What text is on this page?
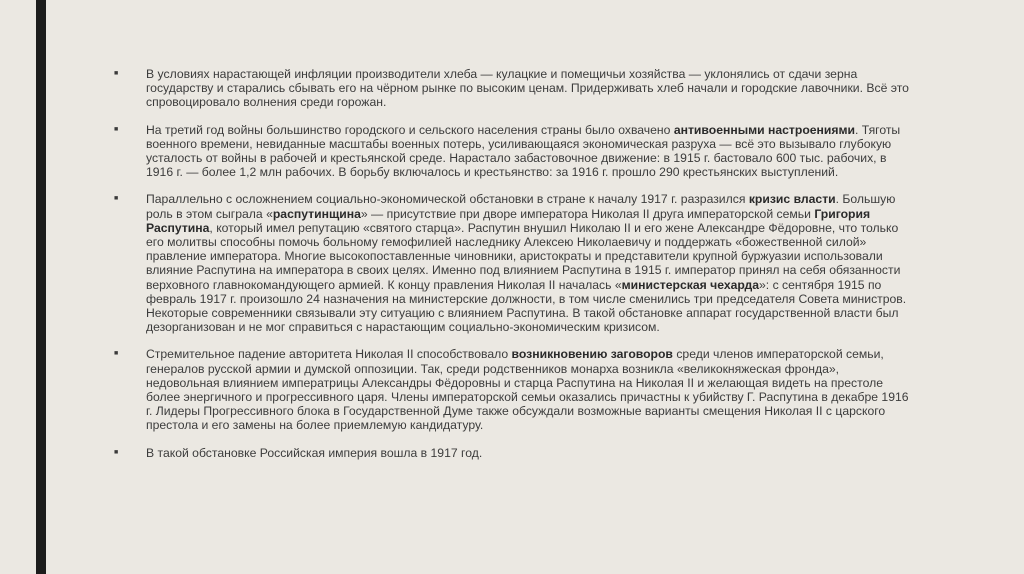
■	В условиях нарастающей инфляции производители хлеба — кулацкие и помещичьи хозяйства — уклонялись от сдачи зерна государству и старались сбывать его на чёрном рынке по высоким ценам. Придерживать хлеб начали и городские лавочники. Всё это спровоцировало волнения среди горожан.
■	На третий год войны большинство городского и сельского населения страны было охвачено антивоенными настроениями. Тяготы военного времени, невиданные масштабы военных потерь, усиливающаяся экономическая разруха — всё это вызывало глубокую усталость от войны в рабочей и крестьянской среде. Нарастало забастовочное движение: в 1915 г. бастовало 600 тыс. рабочих, в 1916 г. — более 1,2 млн рабочих. В борьбу включалось и крестьянство: за 1916 г. прошло 290 крестьянских выступлений.
■	Параллельно с осложнением социально-экономической обстановки в стране к началу 1917 г. разразился кризис власти. Большую роль в этом сыграла «распутинщина» — присутствие при дворе императора Николая II друга императорской семьи Григория Распутина, который имел репутацию «святого старца». Распутин внушил Николаю II и его жене Александре Фёдоровне, что только его молитвы способны помочь больному гемофилией наследнику Алексею Николаевичу и поддержать «божественной силой» правление императора. Многие высокопоставленные чиновники, аристократы и представители крупной буржуазии использовали влияние Распутина на императора в своих целях. Именно под влиянием Распутина в 1915 г. император принял на себя обязанности верховного главнокомандующего армией. К концу правления Николая II началась «министерская чехарда»: с сентября 1915 по февраль 1917 г. произошло 24 назначения на министерские должности, в том числе сменились три председателя Совета министров. Некоторые современники связывали эту ситуацию с влиянием Распутина. В такой обстановке аппарат государственной власти был дезорганизован и не мог справиться с нарастающим социально-экономическим кризисом.
■	Стремительное падение авторитета Николая II способствовало возникновению заговоров среди членов императорской семьи, генералов русской армии и думской оппозиции. Так, среди родственников монарха возникла «великокняжеская фронда», недовольная влиянием императрицы Александры Фёдоровны и старца Распутина на Николая II и желающая видеть на престоле более энергичного и прогрессивного царя. Члены императорской семьи оказались причастны к убийству Г. Распутина в декабре 1916 г. Лидеры Прогрессивного блока в Государственной Думе также обсуждали возможные варианты смещения Николая II с царского престола и его замены на более приемлемую кандидатуру.
■	В такой обстановке Российская империя вошла в 1917 год.
